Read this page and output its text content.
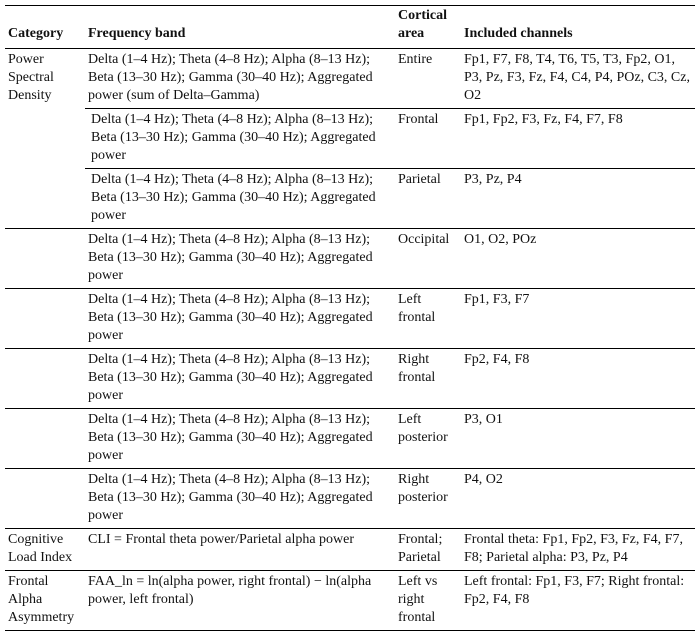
Category	Frequency band	Cortical area	Included channels
Power Spectral Density	Delta (1–4 Hz); Theta (4–8 Hz); Alpha (8–13 Hz); Beta (13–30 Hz); Gamma (30–40 Hz); Aggregated power (sum of Delta–Gamma)	Entire	Fp1, F7, F8, T4, T6, T5, T3, Fp2, O1, P3, Pz, F3, Fz, F4, C4, P4, POz, C3, Cz, O2
	Delta (1–4 Hz); Theta (4–8 Hz); Alpha (8–13 Hz); Beta (13–30 Hz); Gamma (30–40 Hz); Aggregated power	Frontal	Fp1, Fp2, F3, Fz, F4, F7, F8
	Delta (1–4 Hz); Theta (4–8 Hz); Alpha (8–13 Hz); Beta (13–30 Hz); Gamma (30–40 Hz); Aggregated power	Parietal	P3, Pz, P4
	Delta (1–4 Hz); Theta (4–8 Hz); Alpha (8–13 Hz); Beta (13–30 Hz); Gamma (30–40 Hz); Aggregated power	Occipital	O1, O2, POz
	Delta (1–4 Hz); Theta (4–8 Hz); Alpha (8–13 Hz); Beta (13–30 Hz); Gamma (30–40 Hz); Aggregated power	Left frontal	Fp1, F3, F7
	Delta (1–4 Hz); Theta (4–8 Hz); Alpha (8–13 Hz); Beta (13–30 Hz); Gamma (30–40 Hz); Aggregated power	Right frontal	Fp2, F4, F8
	Delta (1–4 Hz); Theta (4–8 Hz); Alpha (8–13 Hz); Beta (13–30 Hz); Gamma (30–40 Hz); Aggregated power	Left posterior	P3, O1
	Delta (1–4 Hz); Theta (4–8 Hz); Alpha (8–13 Hz); Beta (13–30 Hz); Gamma (30–40 Hz); Aggregated power	Right posterior	P4, O2
Cognitive Load Index	CLI = Frontal theta power/Parietal alpha power	Frontal; Parietal	Frontal theta: Fp1, Fp2, F3, Fz, F4, F7, F8; Parietal alpha: P3, Pz, P4
Frontal Alpha Asymmetry	FAA_ln = ln(alpha power, right frontal) − ln(alpha power, left frontal)	Left vs right frontal	Left frontal: Fp1, F3, F7; Right frontal: Fp2, F4, F8
